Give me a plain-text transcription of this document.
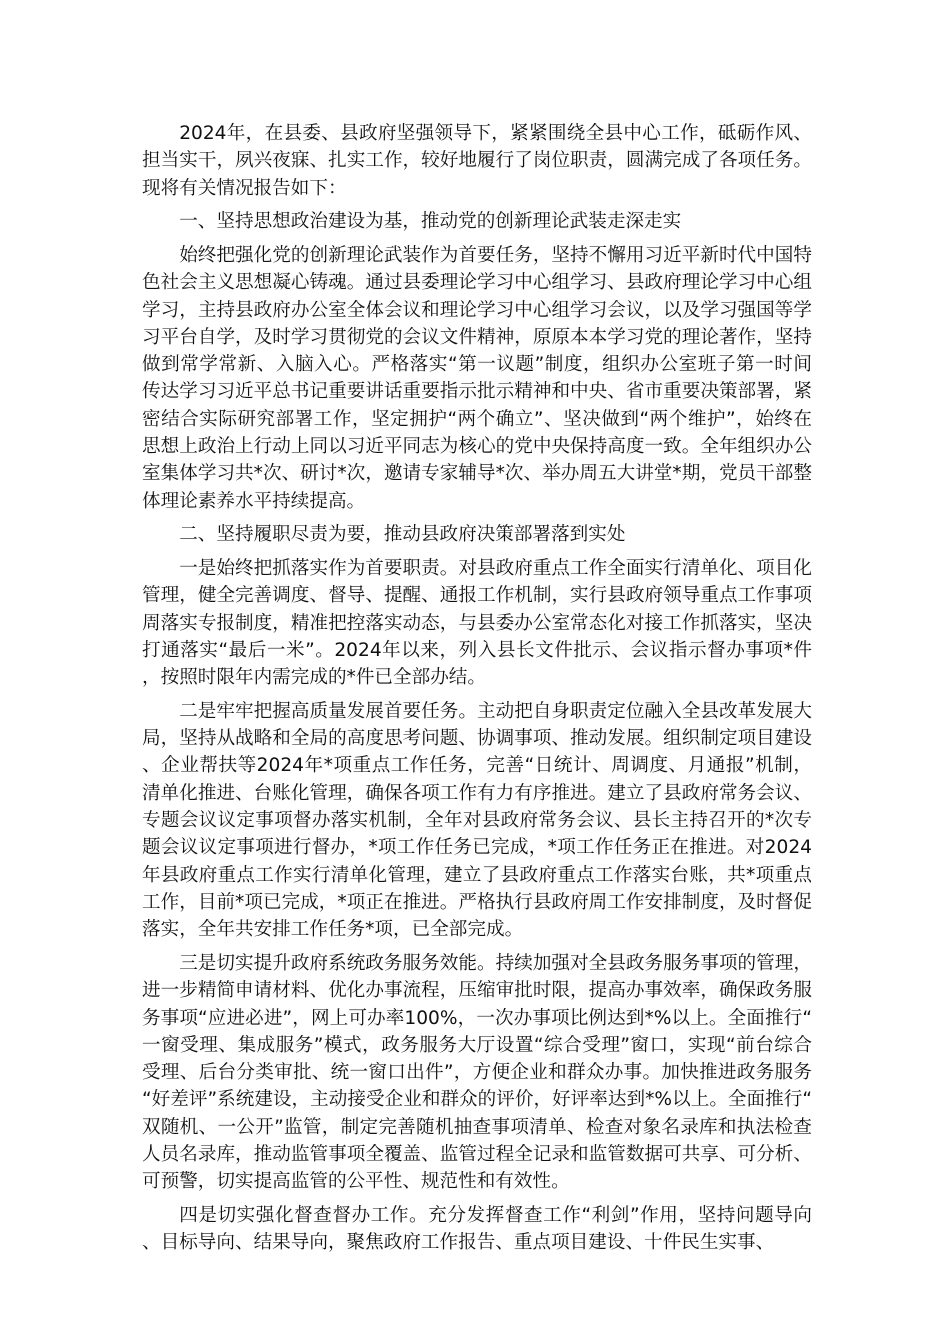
2024年，在县委、县政府坚强领导下，紧紧围绕全县中心工作，砥砺作风、担当实干，夙兴夜寐、扎实工作，较好地履行了岗位职责，圆满完成了各项任务。现将有关情况报告如下：

一、坚持思想政治建设为基，推动党的创新理论武装走深走实

始终把强化党的创新理论武装作为首要任务，坚持不懈用习近平新时代中国特色社会主义思想凝心铸魂。通过县委理论学习中心组学习、县政府理论学习中心组学习，主持县政府办公室全体会议和理论学习中心组学习会议，以及学习强国等学习平台自学，及时学习贯彻党的会议文件精神，原原本本学习党的理论著作，坚持做到常学常新、入脑入心。严格落实“第一议题”制度，组织办公室班子第一时间传达学习习近平总书记重要讲话重要指示批示精神和中央、省市重要决策部署，紧密结合实际研究部署工作，坚定拥护“两个确立”、坚决做到“两个维护”，始终在思想上政治上行动上同以习近平同志为核心的党中央保持高度一致。全年组织办公室集体学习共*次、研讨*次，邀请专家辅导*次、举办周五大讲堂*期，党员干部整体理论素养水平持续提高。

二、坚持履职尽责为要，推动县政府决策部署落到实处

一是始终把抓落实作为首要职责。对县政府重点工作全面实行清单化、项目化管理，健全完善调度、督导、提醒、通报工作机制，实行县政府领导重点工作事项周落实专报制度，精准把控落实动态，与县委办公室常态化对接工作抓落实，坚决打通落实“最后一米”。2024年以来，列入县长文件批示、会议指示督办事项*件，按照时限年内需完成的*件已全部办结。

二是牢牢把握高质量发展首要任务。主动把自身职责定位融入全县改革发展大局，坚持从战略和全局的高度思考问题、协调事项、推动发展。组织制定项目建设、企业帮扶等2024年*项重点工作任务，完善“日统计、周调度、月通报”机制，清单化推进、台账化管理，确保各项工作有力有序推进。建立了县政府常务会议、专题会议议定事项督办落实机制，全年对县政府常务会议、县长主持召开的*次专题会议议定事项进行督办，*项工作任务已完成，*项工作任务正在推进。对2024年县政府重点工作实行清单化管理，建立了县政府重点工作落实台账，共*项重点工作，目前*项已完成，*项正在推进。严格执行县政府周工作安排制度，及时督促落实，全年共安排工作任务*项，已全部完成。

三是切实提升政府系统政务服务效能。持续加强对全县政务服务事项的管理，进一步精简申请材料、优化办事流程，压缩审批时限，提高办事效率，确保政务服务事项“应进必进”，网上可办率100%，一次办事项比例达到*%以上。全面推行“一窗受理、集成服务”模式，政务服务大厅设置“综合受理”窗口，实现“前台综合受理、后台分类审批、统一窗口出件”，方便企业和群众办事。加快推进政务服务“好差评”系统建设，主动接受企业和群众的评价，好评率达到*%以上。全面推行“双随机、一公开”监管，制定完善随机抽查事项清单、检查对象名录库和执法检查人员名录库，推动监管事项全覆盖、监管过程全记录和监管数据可共享、可分析、可预警，切实提高监管的公平性、规范性和有效性。

四是切实强化督查督办工作。充分发挥督查工作“利剑”作用，坚持问题导向、目标导向、结果导向，聚焦政府工作报告、重点项目建设、十件民生实事、
